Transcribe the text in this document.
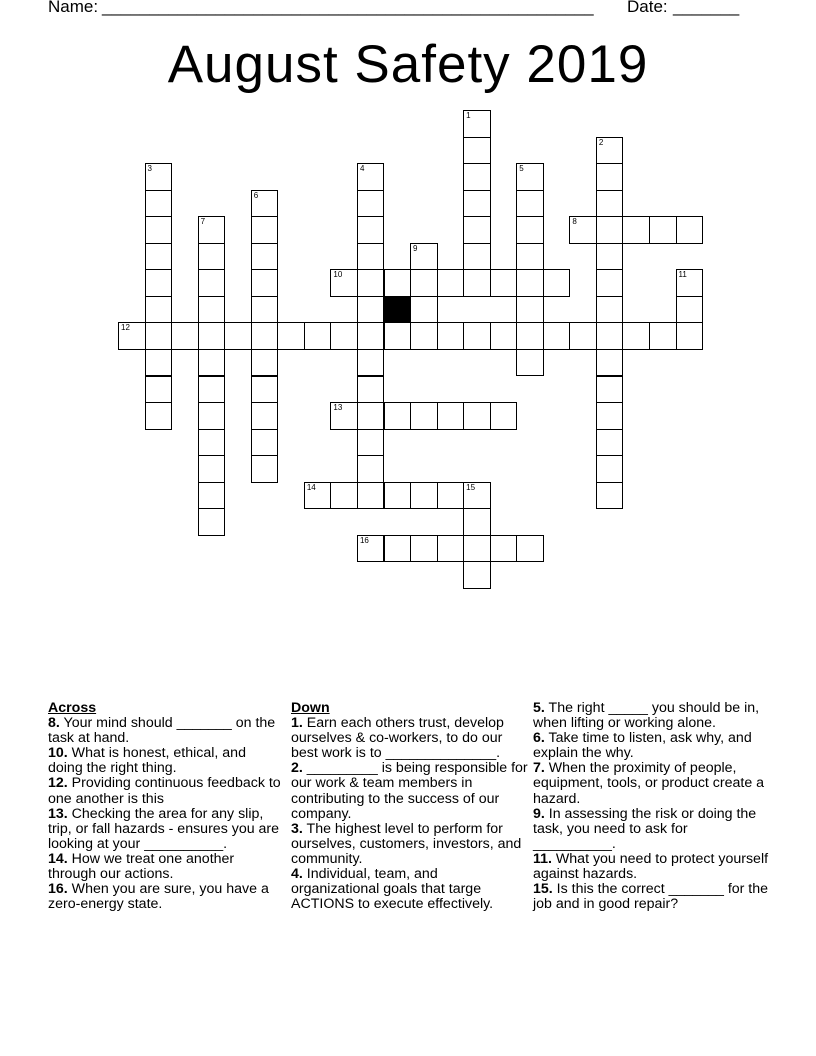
Name: ____________________________________________________ Date: _______
August Safety 2019
1
2
3	4	5
6
7	8
9
10	11
12
13
14	15
16
Across
8. Your mind should _______ on the task at hand.
10. What is honest, ethical, and doing the right thing.
12. Providing continuous feedback to one another is this
13. Checking the area for any slip, trip, or fall hazards - ensures you are looking at your __________.
14. How we treat one another through our actions.
16. When you are sure, you have a zero-energy state.
Down
1. Earn each others trust, develop ourselves & co-workers, to do our best work is to ______________.
2. _________ is being responsible for our work & team members in contributing to the success of our company.
3. The highest level to perform for ourselves, customers, investors, and community.
4. Individual, team, and organizational goals that targe ACTIONS to execute effectively.
5. The right _____ you should be in, when lifting or working alone.
6. Take time to listen, ask why, and explain the why.
7. When the proximity of people, equipment, tools, or product create a hazard.
9. In assessing the risk or doing the task, you need to ask for __________.
11. What you need to protect yourself against hazards.
15. Is this the correct _______ for the job and in good repair?
